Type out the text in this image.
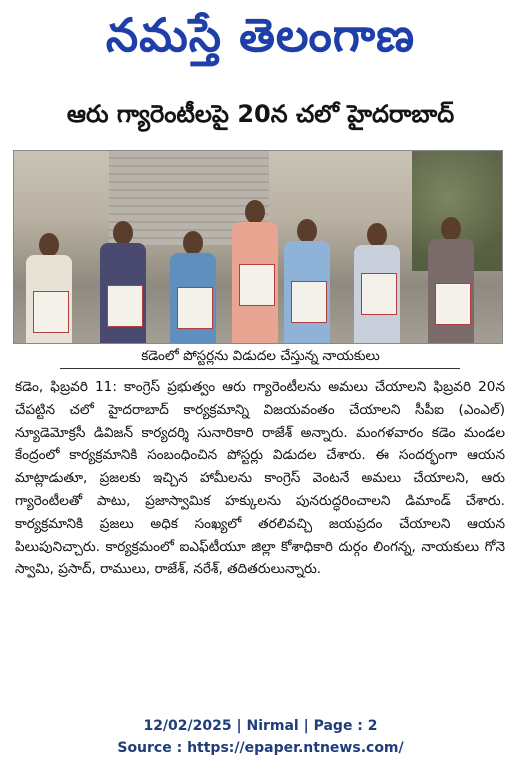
నమస్తే తెలంగాణ
ఆరు గ్యారెంటీలపై 20న చలో హైదరాబాద్
కడెంలో పోస్టర్లను విడుదల చేస్తున్న నాయకులు

కడెం, ఫిబ్రవరి 11: కాంగ్రెస్ ప్రభుత్వం ఆరు గ్యారెంటీలను అమలు చేయాలని ఫిబ్రవరి 20న చేపట్టిన చలో హైదరాబాద్ కార్యక్రమాన్ని విజయవంతం చేయాలని సీపీఐ (ఎంఎల్) న్యూడెమోక్రసీ డివిజన్ కార్యదర్శి సునారికారి రాజేశ్ అన్నారు. మంగళవారం కడెం మండల కేంద్రంలో కార్యక్రమానికి సంబంధించిన పోస్టర్లు విడుదల చేశారు. ఈ సందర్భంగా ఆయన మాట్లాడుతూ, ప్రజలకు ఇచ్చిన హామీలను కాంగ్రెస్ వెంటనే అమలు చేయాలని, ఆరు గ్యారెంటీలతో పాటు, ప్రజాస్వామిక హక్కులను పునరుద్ధరించాలని డిమాండ్ చేశారు. కార్యక్రమానికి ప్రజలు అధిక సంఖ్యలో తరలివచ్చి జయప్రదం చేయాలని ఆయన పిలుపునిచ్చారు. కార్యక్రమంలో ఐఎఫ్‌టీయూ జిల్లా కోశాధికారి దుర్గం లింగన్న, నాయకులు గోనె స్వామి, ప్రసాద్, రాములు, రాజేశ్, నరేశ్, తదితరులున్నారు.

12/02/2025 | Nirmal | Page : 2
Source : https://epaper.ntnews.com/
